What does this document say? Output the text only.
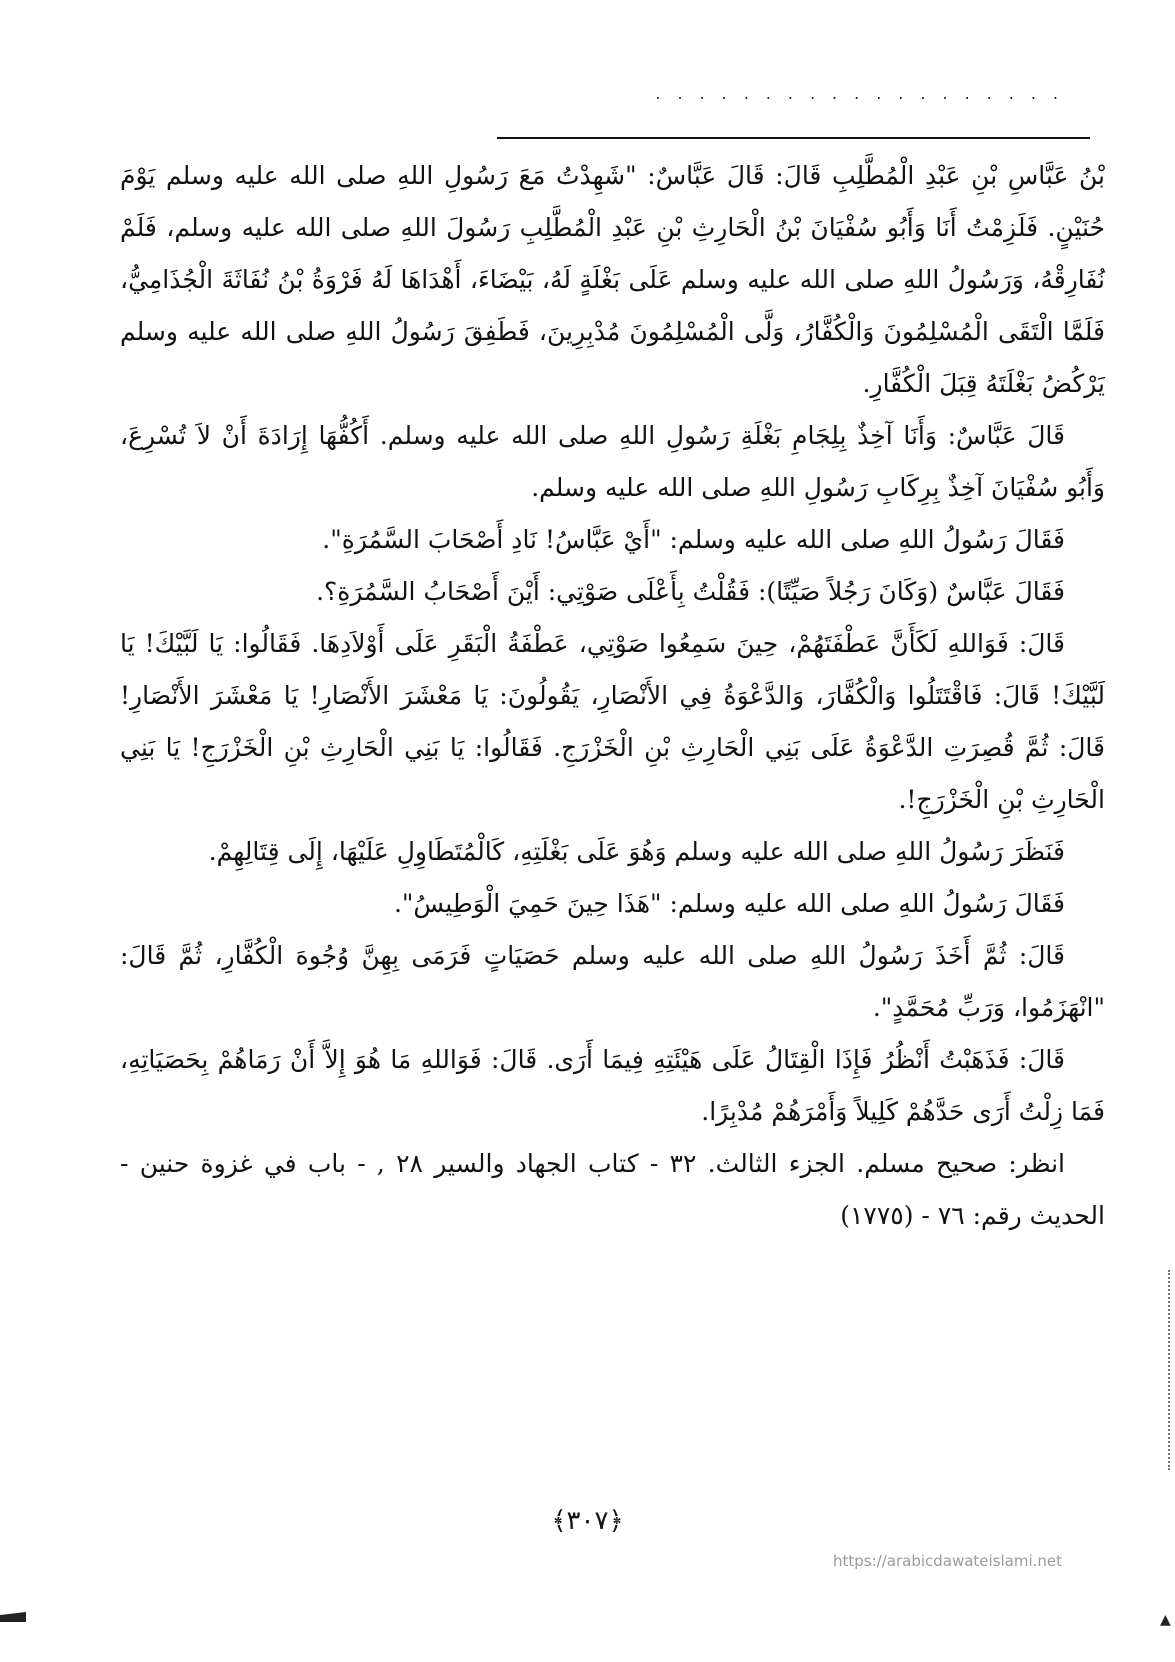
...................

بْنُ عَبَّاسِ بْنِ عَبْدِ الْمُطَّلِبِ قَالَ: قَالَ عَبَّاسٌ: "شَهِدْتُ مَعَ رَسُولِ اللهِ صلى الله عليه وسلم يَوْمَ حُنَيْنٍ. فَلَزِمْتُ أَنَا وَأَبُو سُفْيَانَ بْنُ الْحَارِثِ بْنِ عَبْدِ الْمُطَّلِبِ رَسُولَ اللهِ صلى الله عليه وسلم، فَلَمْ نُفَارِقْهُ، وَرَسُولُ اللهِ صلى الله عليه وسلم عَلَى بَغْلَةٍ لَهُ، بَيْضَاءَ، أَهْدَاهَا لَهُ فَرْوَةُ بْنُ نُفَاثَةَ الْجُذَامِيُّ، فَلَمَّا الْتَقَى الْمُسْلِمُونَ وَالْكُفَّارُ، وَلَّى الْمُسْلِمُونَ مُدْبِرِينَ، فَطَفِقَ رَسُولُ اللهِ صلى الله عليه وسلم يَرْكُضُ بَغْلَتَهُ قِبَلَ الْكُفَّارِ.

قَالَ عَبَّاسٌ: وَأَنَا آخِذٌ بِلِجَامِ بَغْلَةِ رَسُولِ اللهِ صلى الله عليه وسلم. أَكُفُّهَا إِرَادَةَ أَنْ لاَ تُسْرِعَ، وَأَبُو سُفْيَانَ آخِذٌ بِرِكَابِ رَسُولِ اللهِ صلى الله عليه وسلم.

فَقَالَ رَسُولُ اللهِ صلى الله عليه وسلم: "أَيْ عَبَّاسُ! نَادِ أَصْحَابَ السَّمُرَةِ".

فَقَالَ عَبَّاسٌ (وَكَانَ رَجُلاً صَيِّتًا): فَقُلْتُ بِأَعْلَى صَوْتِي: أَيْنَ أَصْحَابُ السَّمُرَةِ؟.

قَالَ: فَوَاللهِ لَكَأَنَّ عَطْفَتَهُمْ، حِينَ سَمِعُوا صَوْتِي، عَطْفَةُ الْبَقَرِ عَلَى أَوْلاَدِهَا. فَقَالُوا: يَا لَبَّيْكَ! يَا لَبَّيْكَ! قَالَ: فَاقْتَتَلُوا وَالْكُفَّارَ، وَالدَّعْوَةُ فِي الأَنْصَارِ، يَقُولُونَ: يَا مَعْشَرَ الأَنْصَارِ! يَا مَعْشَرَ الأَنْصَارِ! قَالَ: ثُمَّ قُصِرَتِ الدَّعْوَةُ عَلَى بَنِي الْحَارِثِ بْنِ الْخَزْرَجِ. فَقَالُوا: يَا بَنِي الْحَارِثِ بْنِ الْخَزْرَجِ! يَا بَنِي الْحَارِثِ بْنِ الْخَزْرَجِ!.

فَنَظَرَ رَسُولُ اللهِ صلى الله عليه وسلم وَهُوَ عَلَى بَغْلَتِهِ، كَالْمُتَطَاوِلِ عَلَيْهَا، إِلَى قِتَالِهِمْ.

فَقَالَ رَسُولُ اللهِ صلى الله عليه وسلم: "هَذَا حِينَ حَمِيَ الْوَطِيسُ".

قَالَ: ثُمَّ أَخَذَ رَسُولُ اللهِ صلى الله عليه وسلم حَصَيَاتٍ فَرَمَى بِهِنَّ وُجُوهَ الْكُفَّارِ، ثُمَّ قَالَ: "انْهَزَمُوا، وَرَبِّ مُحَمَّدٍ".

قَالَ: فَذَهَبْتُ أَنْظُرُ فَإِذَا الْقِتَالُ عَلَى هَيْئَتِهِ فِيمَا أَرَى. قَالَ: فَوَاللهِ مَا هُوَ إِلاَّ أَنْ رَمَاهُمْ بِحَصَيَاتِهِ، فَمَا زِلْتُ أَرَى حَدَّهُمْ كَلِيلاً وَأَمْرَهُمْ مُدْبِرًا.

انظر: صحيح مسلم. الجزء الثالث. ٣٢ - كتاب الجهاد والسير ٢٨ , - باب في غزوة حنين - الحديث رقم: ٧٦ - (١٧٧٥)

﴿٣٠٧﴾
https://arabicdawateislami.net
▲
